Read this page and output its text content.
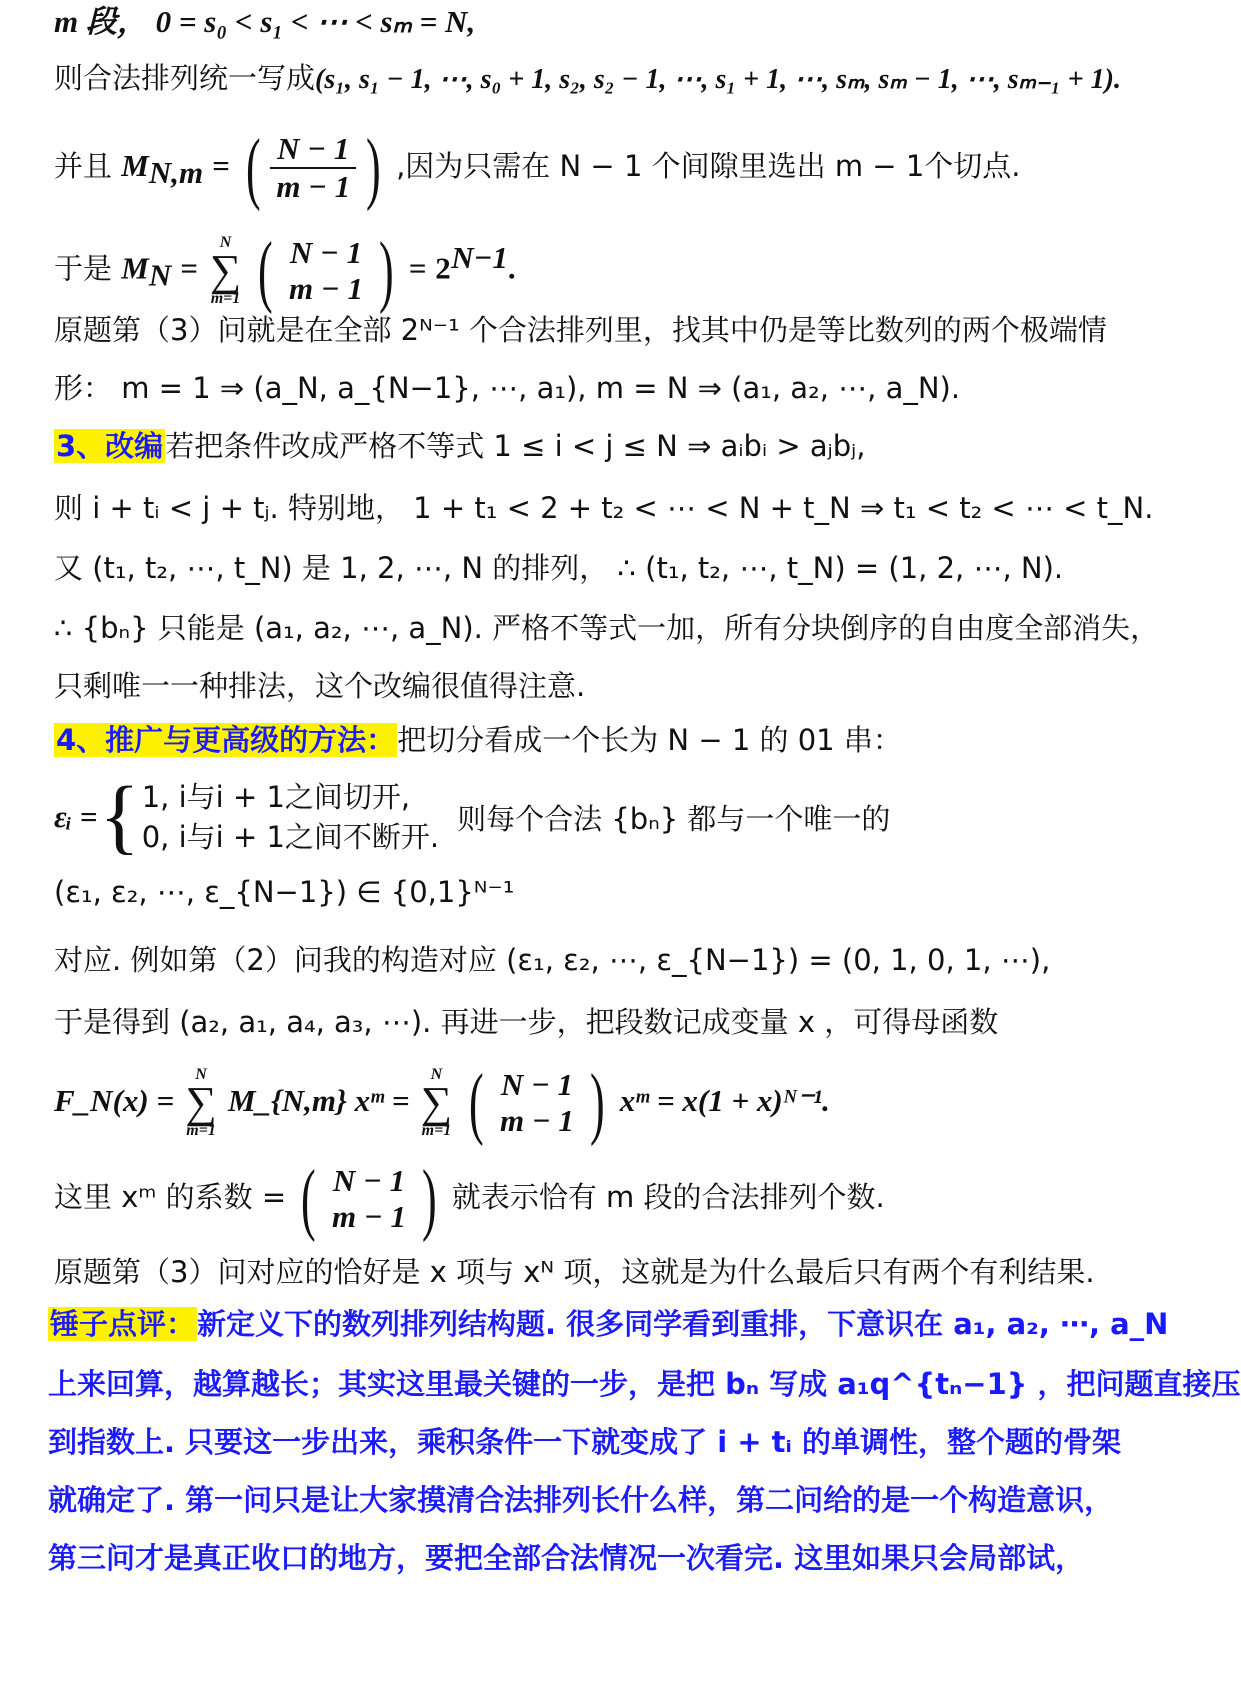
m 段， 0 = s₀ < s₁ < ⋯ < sₘ = N,
则合法排列统一写成(s₁, s₁ − 1, ⋯, s₀ + 1, s₂, s₂ − 1, ⋯, s₁ + 1, ⋯, sₘ, sₘ − 1, ⋯, sₘ₋₁ + 1).
并且 $M_{N,m}$ = ( $\frac{N - 1}{m - 1}$ ) ,因为只需在 N − 1 个间隙里选出 m − 1个切点.
于是 $M_N$ =
N
∑
m=1
( N − 1
m − 1 ) = $2^{N-1}$.
原题第（3）问就是在全部 2ᴺ⁻¹ 个合法排列里，找其中仍是等比数列的两个极端情
形： m = 1 ⇒ (a_N, a_{N−1}, ⋯, a₁), m = N ⇒ (a₁, a₂, ⋯, a_N).
3、改编若把条件改成严格不等式 1 ≤ i < j ≤ N ⇒ aᵢbᵢ > aⱼbⱼ,
则 i + tᵢ < j + tⱼ. 特别地， 1 + t₁ < 2 + t₂ < ⋯ < N + t_N ⇒ t₁ < t₂ < ⋯ < t_N.
又 (t₁, t₂, ⋯, t_N) 是 1, 2, ⋯, N 的排列， ∴ (t₁, t₂, ⋯, t_N) = (1, 2, ⋯, N).
∴ {bₙ} 只能是 (a₁, a₂, ⋯, a_N). 严格不等式一加，所有分块倒序的自由度全部消失，
只剩唯一一种排法，这个改编很值得注意.
4、推广与更高级的方法：把切分看成一个长为 N − 1 的 01 串：
εᵢ = { 1, i与i + 1之间切开,
0, i与i + 1之间不断开.
则每个合法 {bₙ} 都与一个唯一的
(ε₁, ε₂, ⋯, ε_{N−1}) ∈ {0,1}ᴺ⁻¹
对应. 例如第（2）问我的构造对应 (ε₁, ε₂, ⋯, ε_{N−1}) = (0, 1, 0, 1, ⋯),
于是得到 (a₂, a₁, a₄, a₃, ⋯). 再进一步，把段数记成变量 x ，可得母函数
F_N(x) =
N
∑
m=1
M_{N,m} xᵐ =
N
∑
m=1
( N − 1
m − 1 ) xᵐ = x(1 + x)ᴺ⁻¹.
这里 xᵐ 的系数 = ( N − 1
m − 1 ) 就表示恰有 m 段的合法排列个数.
原题第（3）问对应的恰好是 x 项与 xᴺ 项，这就是为什么最后只有两个有利结果.
锤子点评：新定义下的数列排列结构题. 很多同学看到重排，下意识在 a₁, a₂, ⋯, a_N
上来回算，越算越长；其实这里最关键的一步，是把 bₙ 写成 a₁q^{tₙ−1} ，把问题直接压
到指数上. 只要这一步出来，乘积条件一下就变成了 i + tᵢ 的单调性，整个题的骨架
就确定了. 第一问只是让大家摸清合法排列长什么样，第二问给的是一个构造意识，
第三问才是真正收口的地方，要把全部合法情况一次看完. 这里如果只会局部试，
